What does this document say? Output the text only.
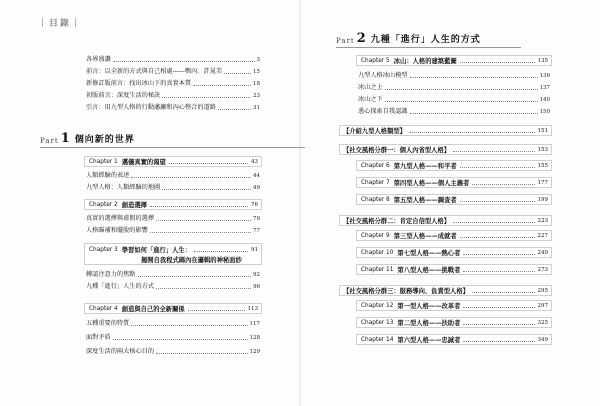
｜目錄｜
各界盛讚	3
前言：以全新的方式與自己相處——鴨內．許晁美	15
新修訂版前言：找出冰山下的真實本質	18
初版前言：深度生活的秘訣	23
引言：用九型人格的行動藩籬和內心整合的道路	31
Part 1 個向新的世界
Chapter 1 邁儀真實的渴望	43
人類經驗的表述	44
九型人格：人類經驗的地圖	49
Chapter 2 創造選擇	76
真實的選擇與虛假的選擇	79
人格瞄補和擺脫的影響	77
Chapter 3 學習如何「進行」人生：	91
揭開自我程式碼內在邏輯的神秘面紗
轉認注意力的焦點	92
九種「進行」人生的方式	96
Chapter 4 創造與自己的全新關係	113
五種重要的特質	117
面對矛盾	128
深度生活的兩大核心目的	129
Part 2 九種「進行」人生的方式
Chapter 5 冰山：人格的建築藍圖	135
九型人格冰山模型	136
冰山之上	137
冰山之下	140
悉心探索自我認識	150
【介紹九型人格類型】	151
【社交風格分群一：個人內省型人格】	153
Chapter 6 第九型人格——和平者	155
Chapter 7 第四型人格——個人主義者	177
Chapter 8 第五型人格——調查者	199
【社交風格分群二：肯定自信型人格】	223
Chapter 9 第三型人格——成就者	227
Chapter 10 第七型人格——熱心者	249
Chapter 11 第八型人格——挑戰者	273
【社交風格分群三：服務導向、負責型人格】	295
Chapter 12 第一型人格——改革者	297
Chapter 13 第二型人格——扶助者	325
Chapter 14 第六型人格——忠誠者	349
